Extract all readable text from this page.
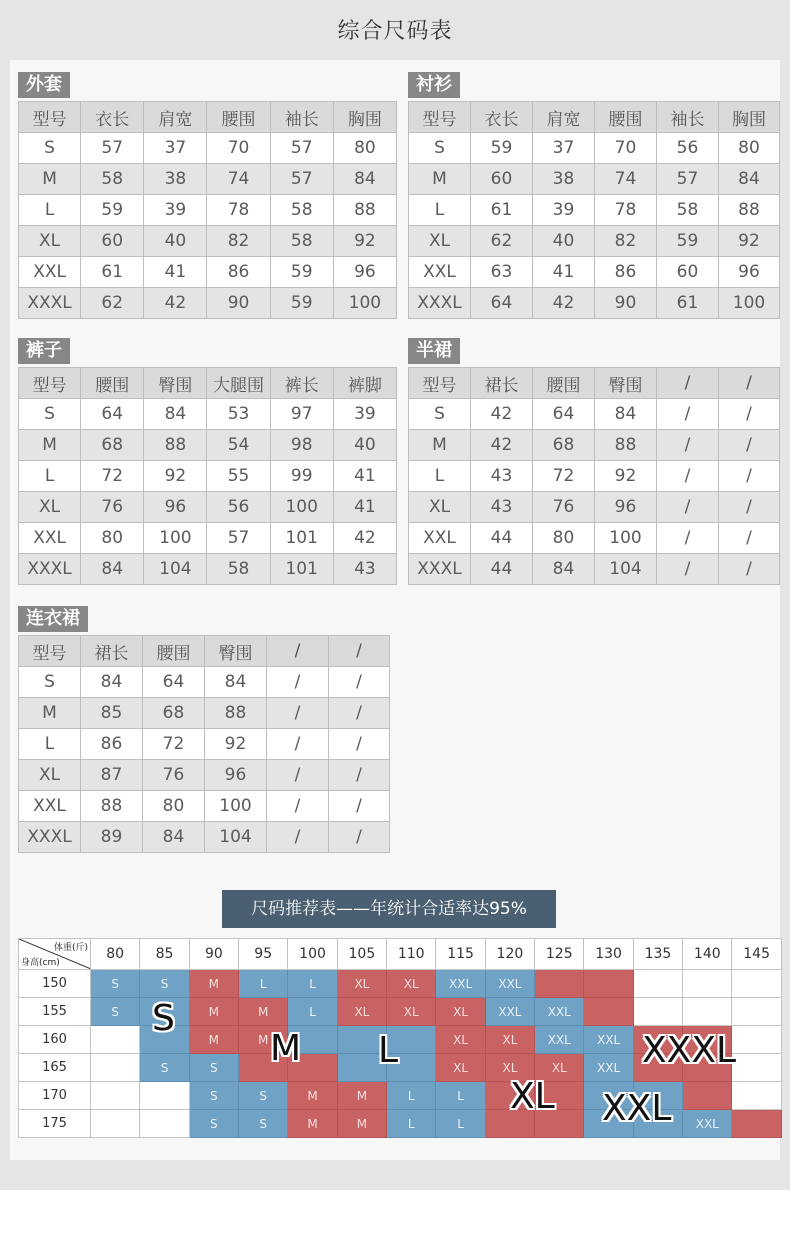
综合尺码表
外套
型号	衣长	肩宽	腰围	袖长	胸围
S	57	37	70	57	80
M	58	38	74	57	84
L	59	39	78	58	88
XL	60	40	82	58	92
XXL	61	41	86	59	96
XXXL	62	42	90	59	100
衬衫
型号	衣长	肩宽	腰围	袖长	胸围
S	59	37	70	56	80
M	60	38	74	57	84
L	61	39	78	58	88
XL	62	40	82	59	92
XXL	63	41	86	60	96
XXXL	64	42	90	61	100
裤子
型号	腰围	臀围	大腿围	裤长	裤脚
S	64	84	53	97	39
M	68	88	54	98	40
L	72	92	55	99	41
XL	76	96	56	100	41
XXL	80	100	57	101	42
XXXL	84	104	58	101	43
半裙
型号	裙长	腰围	臀围	/	/
S	42	64	84	/	/
M	42	68	88	/	/
L	43	72	92	/	/
XL	43	76	96	/	/
XXL	44	80	100	/	/
XXXL	44	84	104	/	/
连衣裙
型号	裙长	腰围	臀围	/	/
S	84	64	84	/	/
M	85	68	88	/	/
L	86	72	92	/	/
XL	87	76	96	/	/
XXL	88	80	100	/	/
XXXL	89	84	104	/	/
尺码推荐表——年统计合适率达95%
体重(斤)
身高(cm)	80	85	90	95	100	105	110	115	120	125	130	135	140	145
150	S	S	M	L	L	XL	XL	XXL	XXL					
155	S		M	M	L	XL	XL	XL	XXL	XXL				
160			M	M				XL	XL	XXL	XXL			
165		S	S					XL	XL	XL	XXL			
170			S	S	M	M	L	L						
175			S	S	M	M	L	L					XXL	
S
M L
XL XXL
XXXL
